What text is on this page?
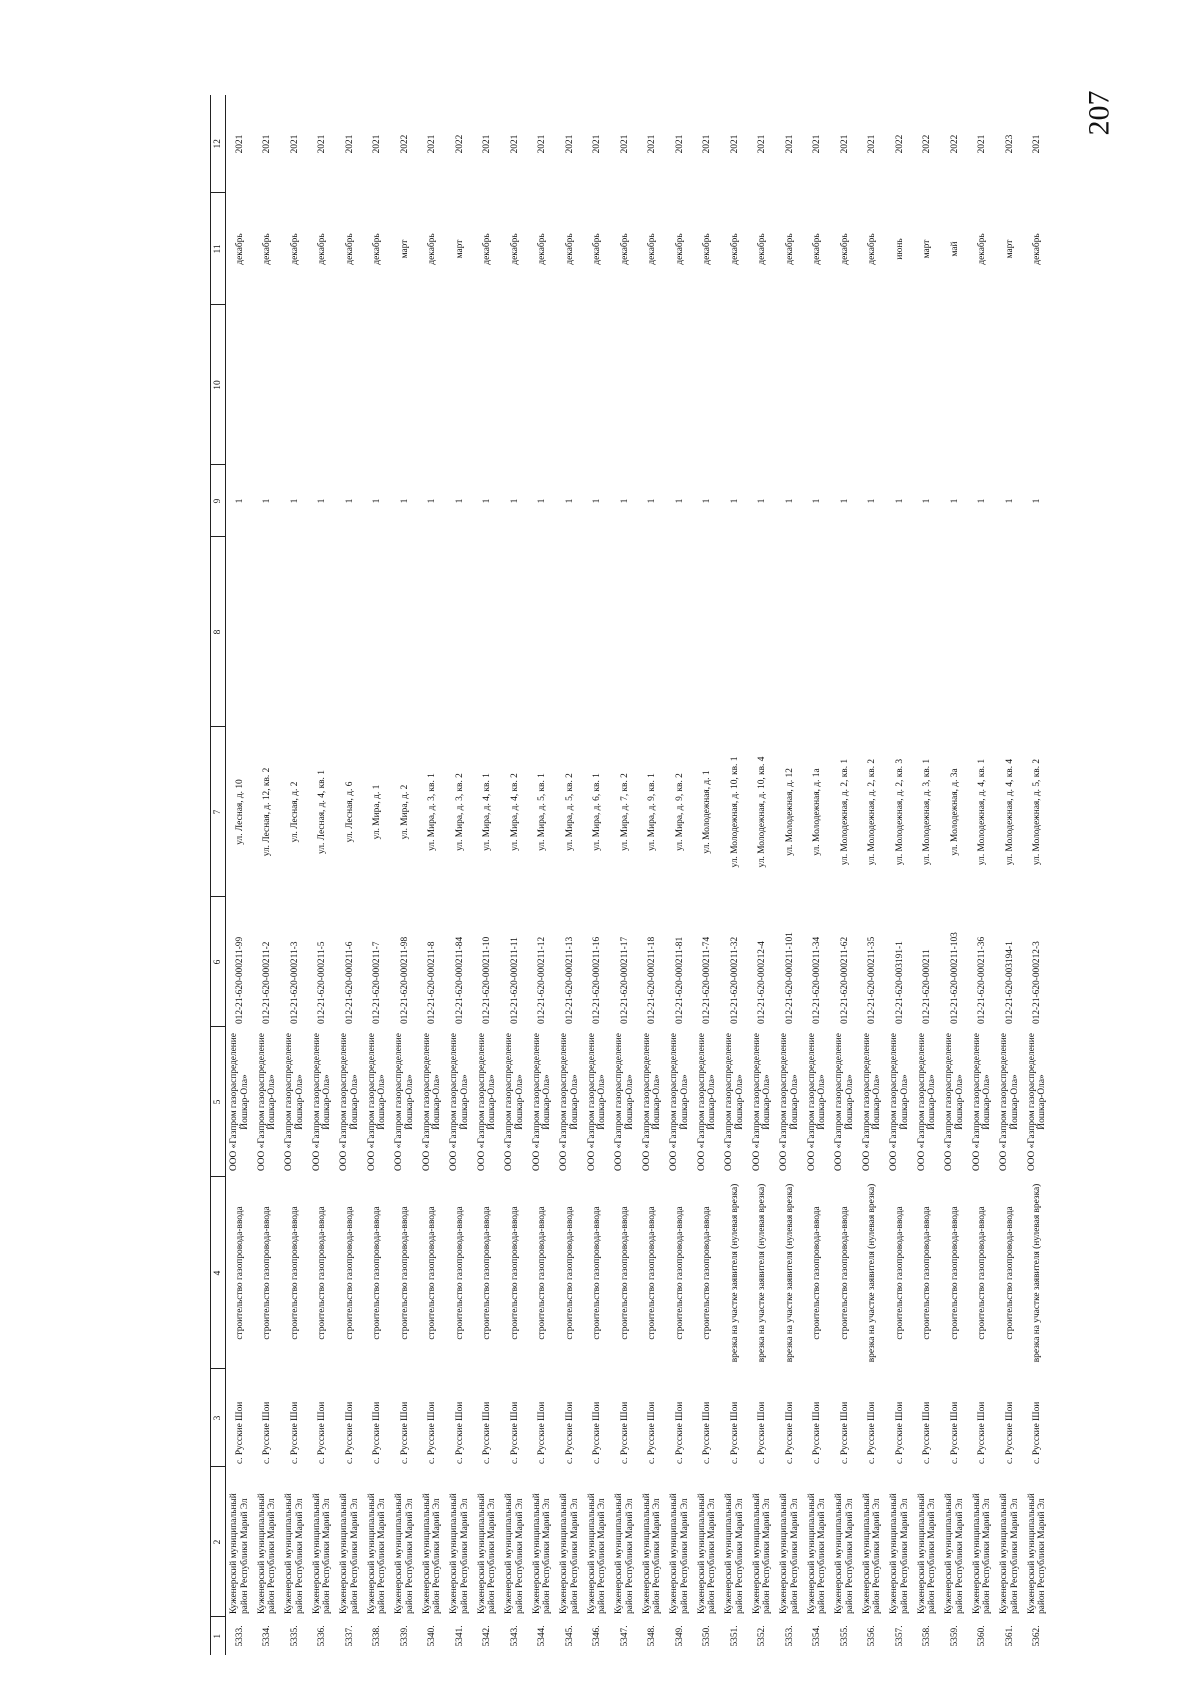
207
1	2	3	4	5	6	7	8	9	10	11	12
5333.	Куженерский муниципальный район Республики Марий Эл	с. Русские Шои	строительство газопровода-ввода	ООО «Газпром газораспределение Йошкар-Ола»	012-21-620-000211-99	ул. Лесная, д. 10		1		декабрь	2021
5334.	Куженерский муниципальный район Республики Марий Эл	с. Русские Шои	строительство газопровода-ввода	ООО «Газпром газораспределение Йошкар-Ола»	012-21-620-000211-2	ул. Лесная, д. 12, кв. 2		1		декабрь	2021
5335.	Куженерский муниципальный район Республики Марий Эл	с. Русские Шои	строительство газопровода-ввода	ООО «Газпром газораспределение Йошкар-Ола»	012-21-620-000211-3	ул. Лесная, д. 2		1		декабрь	2021
5336.	Куженерский муниципальный район Республики Марий Эл	с. Русские Шои	строительство газопровода-ввода	ООО «Газпром газораспределение Йошкар-Ола»	012-21-620-000211-5	ул. Лесная, д. 4, кв. 1		1		декабрь	2021
5337.	Куженерский муниципальный район Республики Марий Эл	с. Русские Шои	строительство газопровода-ввода	ООО «Газпром газораспределение Йошкар-Ола»	012-21-620-000211-6	ул. Лесная, д. 6		1		декабрь	2021
5338.	Куженерский муниципальный район Республики Марий Эл	с. Русские Шои	строительство газопровода-ввода	ООО «Газпром газораспределение Йошкар-Ола»	012-21-620-000211-7	ул. Мира, д. 1		1		декабрь	2021
5339.	Куженерский муниципальный район Республики Марий Эл	с. Русские Шои	строительство газопровода-ввода	ООО «Газпром газораспределение Йошкар-Ола»	012-21-620-000211-98	ул. Мира, д. 2		1		март	2022
5340.	Куженерский муниципальный район Республики Марий Эл	с. Русские Шои	строительство газопровода-ввода	ООО «Газпром газораспределение Йошкар-Ола»	012-21-620-000211-8	ул. Мира, д. 3, кв. 1		1		декабрь	2021
5341.	Куженерский муниципальный район Республики Марий Эл	с. Русские Шои	строительство газопровода-ввода	ООО «Газпром газораспределение Йошкар-Ола»	012-21-620-000211-84	ул. Мира, д. 3, кв. 2		1		март	2022
5342.	Куженерский муниципальный район Республики Марий Эл	с. Русские Шои	строительство газопровода-ввода	ООО «Газпром газораспределение Йошкар-Ола»	012-21-620-000211-10	ул. Мира, д. 4, кв. 1		1		декабрь	2021
5343.	Куженерский муниципальный район Республики Марий Эл	с. Русские Шои	строительство газопровода-ввода	ООО «Газпром газораспределение Йошкар-Ола»	012-21-620-000211-11	ул. Мира, д. 4, кв. 2		1		декабрь	2021
5344.	Куженерский муниципальный район Республики Марий Эл	с. Русские Шои	строительство газопровода-ввода	ООО «Газпром газораспределение Йошкар-Ола»	012-21-620-000211-12	ул. Мира, д. 5, кв. 1		1		декабрь	2021
5345.	Куженерский муниципальный район Республики Марий Эл	с. Русские Шои	строительство газопровода-ввода	ООО «Газпром газораспределение Йошкар-Ола»	012-21-620-000211-13	ул. Мира, д. 5, кв. 2		1		декабрь	2021
5346.	Куженерский муниципальный район Республики Марий Эл	с. Русские Шои	строительство газопровода-ввода	ООО «Газпром газораспределение Йошкар-Ола»	012-21-620-000211-16	ул. Мира, д. 6, кв. 1		1		декабрь	2021
5347.	Куженерский муниципальный район Республики Марий Эл	с. Русские Шои	строительство газопровода-ввода	ООО «Газпром газораспределение Йошкар-Ола»	012-21-620-000211-17	ул. Мира, д. 7, кв. 2		1		декабрь	2021
5348.	Куженерский муниципальный район Республики Марий Эл	с. Русские Шои	строительство газопровода-ввода	ООО «Газпром газораспределение Йошкар-Ола»	012-21-620-000211-18	ул. Мира, д. 9, кв. 1		1		декабрь	2021
5349.	Куженерский муниципальный район Республики Марий Эл	с. Русские Шои	строительство газопровода-ввода	ООО «Газпром газораспределение Йошкар-Ола»	012-21-620-000211-81	ул. Мира, д. 9, кв. 2		1		декабрь	2021
5350.	Куженерский муниципальный район Республики Марий Эл	с. Русские Шои	строительство газопровода-ввода	ООО «Газпром газораспределение Йошкар-Ола»	012-21-620-000211-74	ул. Молодежная, д. 1		1		декабрь	2021
5351.	Куженерский муниципальный район Республики Марий Эл	с. Русские Шои	врезка на участке заявителя (нулевая врезка)	ООО «Газпром газораспределение Йошкар-Ола»	012-21-620-000211-32	ул. Молодежная, д. 10, кв. 1		1		декабрь	2021
5352.	Куженерский муниципальный район Республики Марий Эл	с. Русские Шои	врезка на участке заявителя (нулевая врезка)	ООО «Газпром газораспределение Йошкар-Ола»	012-21-620-000212-4	ул. Молодежная, д. 10, кв. 4		1		декабрь	2021
5353.	Куженерский муниципальный район Республики Марий Эл	с. Русские Шои	врезка на участке заявителя (нулевая врезка)	ООО «Газпром газораспределение Йошкар-Ола»	012-21-620-000211-101	ул. Молодежная, д. 12		1		декабрь	2021
5354.	Куженерский муниципальный район Республики Марий Эл	с. Русские Шои	строительство газопровода-ввода	ООО «Газпром газораспределение Йошкар-Ола»	012-21-620-000211-34	ул. Молодежная, д. 1а		1		декабрь	2021
5355.	Куженерский муниципальный район Республики Марий Эл	с. Русские Шои	строительство газопровода-ввода	ООО «Газпром газораспределение Йошкар-Ола»	012-21-620-000211-62	ул. Молодежная, д. 2, кв. 1		1		декабрь	2021
5356.	Куженерский муниципальный район Республики Марий Эл	с. Русские Шои	врезка на участке заявителя (нулевая врезка)	ООО «Газпром газораспределение Йошкар-Ола»	012-21-620-000211-35	ул. Молодежная, д. 2, кв. 2		1		декабрь	2021
5357.	Куженерский муниципальный район Республики Марий Эл	с. Русские Шои	строительство газопровода-ввода	ООО «Газпром газораспределение Йошкар-Ола»	012-21-620-003191-1	ул. Молодежная, д. 2, кв. 3		1		июнь	2022
5358.	Куженерский муниципальный район Республики Марий Эл	с. Русские Шои	строительство газопровода-ввода	ООО «Газпром газораспределение Йошкар-Ола»	012-21-620-000211	ул. Молодежная, д. 3, кв. 1		1		март	2022
5359.	Куженерский муниципальный район Республики Марий Эл	с. Русские Шои	строительство газопровода-ввода	ООО «Газпром газораспределение Йошкар-Ола»	012-21-620-000211-103	ул. Молодежная, д. 3а		1		май	2022
5360.	Куженерский муниципальный район Республики Марий Эл	с. Русские Шои	строительство газопровода-ввода	ООО «Газпром газораспределение Йошкар-Ола»	012-21-620-000211-36	ул. Молодежная, д. 4, кв. 1		1		декабрь	2021
5361.	Куженерский муниципальный район Республики Марий Эл	с. Русские Шои	строительство газопровода-ввода	ООО «Газпром газораспределение Йошкар-Ола»	012-21-620-003194-1	ул. Молодежная, д. 4, кв. 4		1		март	2023
5362.	Куженерский муниципальный район Республики Марий Эл	с. Русские Шои	врезка на участке заявителя (нулевая врезка)	ООО «Газпром газораспределение Йошкар-Ола»	012-21-620-000212-3	ул. Молодежная, д. 5, кв. 2		1		декабрь	2021
